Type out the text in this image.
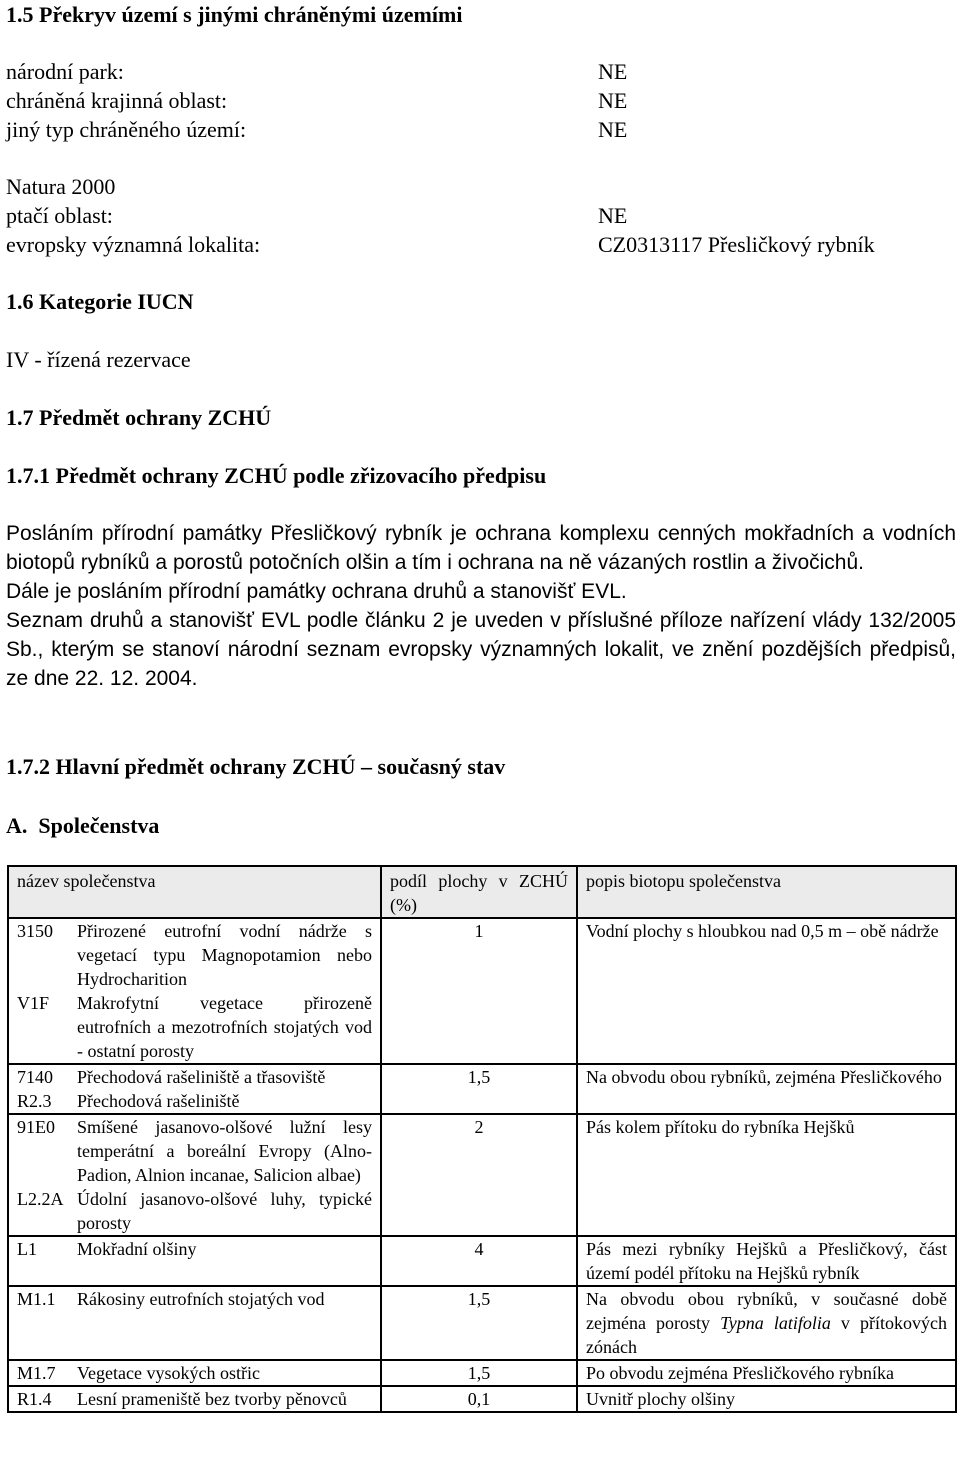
1.5 Překryv území s jinými chráněnými územími
národní park:	NE
chráněná krajinná oblast:	NE
jiný typ chráněného území:	NE
Natura 2000
ptačí oblast:	NE
evropsky významná lokalita:	CZ0313117 Přesličkový rybník
1.6 Kategorie IUCN
IV - řízená rezervace
1.7 Předmět ochrany ZCHÚ
1.7.1 Předmět ochrany ZCHÚ podle zřizovacího předpisu

Posláním přírodní památky Přesličkový rybník je ochrana komplexu cenných mokřadních a vodních biotopů rybníků a porostů potočních olšin a tím i ochrana na ně vázaných rostlin a živočichů.

Dále je posláním přírodní památky ochrana druhů a stanovišť EVL.

Seznam druhů a stanovišť EVL podle článku 2 je uveden v příslušné příloze nařízení vlády 132/2005 Sb., kterým se stanoví národní seznam evropsky významných lokalit, ve znění pozdějších předpisů, ze dne 22. 12. 2004.

1.7.2 Hlavní předmět ochrany ZCHÚ – současný stav
A. Společenstva
název společenstva	podíl plochy v ZCHÚ (%)	popis biotopu společenstva

3150 Přirozené eutrofní vodní nádrže s vegetací typu Magnopotamion nebo Hydrocharition
V1F Makrofytní vegetace přirozeně eutrofních a mezotrofních stojatých vod - ostatní porosty	1	Vodní plochy s hloubkou nad 0,5 m – obě nádrže

7140 Přechodová rašeliniště a třasoviště
R2.3 Přechodová rašeliniště	1,5	Na obvodu obou rybníků, zejména Přesličkového

91E0 Smíšené jasanovo-olšové lužní lesy temperátní a boreální Evropy (Alno-Padion, Alnion incanae, Salicion albae)
L2.2A Údolní jasanovo-olšové luhy, typické porosty	2	Pás kolem přítoku do rybníka Hejšků

L1 Mokřadní olšiny	4	Pás mezi rybníky Hejšků a Přesličkový, část území podél přítoku na Hejšků rybník

M1.1 Rákosiny eutrofních stojatých vod	1,5	Na obvodu obou rybníků, v současné době zejména porosty Typna latifolia v přítokových zónách

M1.7 Vegetace vysokých ostřic	1,5	Po obvodu zejména Přesličkového rybníka

R1.4 Lesní prameniště bez tvorby pěnovců	0,1	Uvnitř plochy olšiny
